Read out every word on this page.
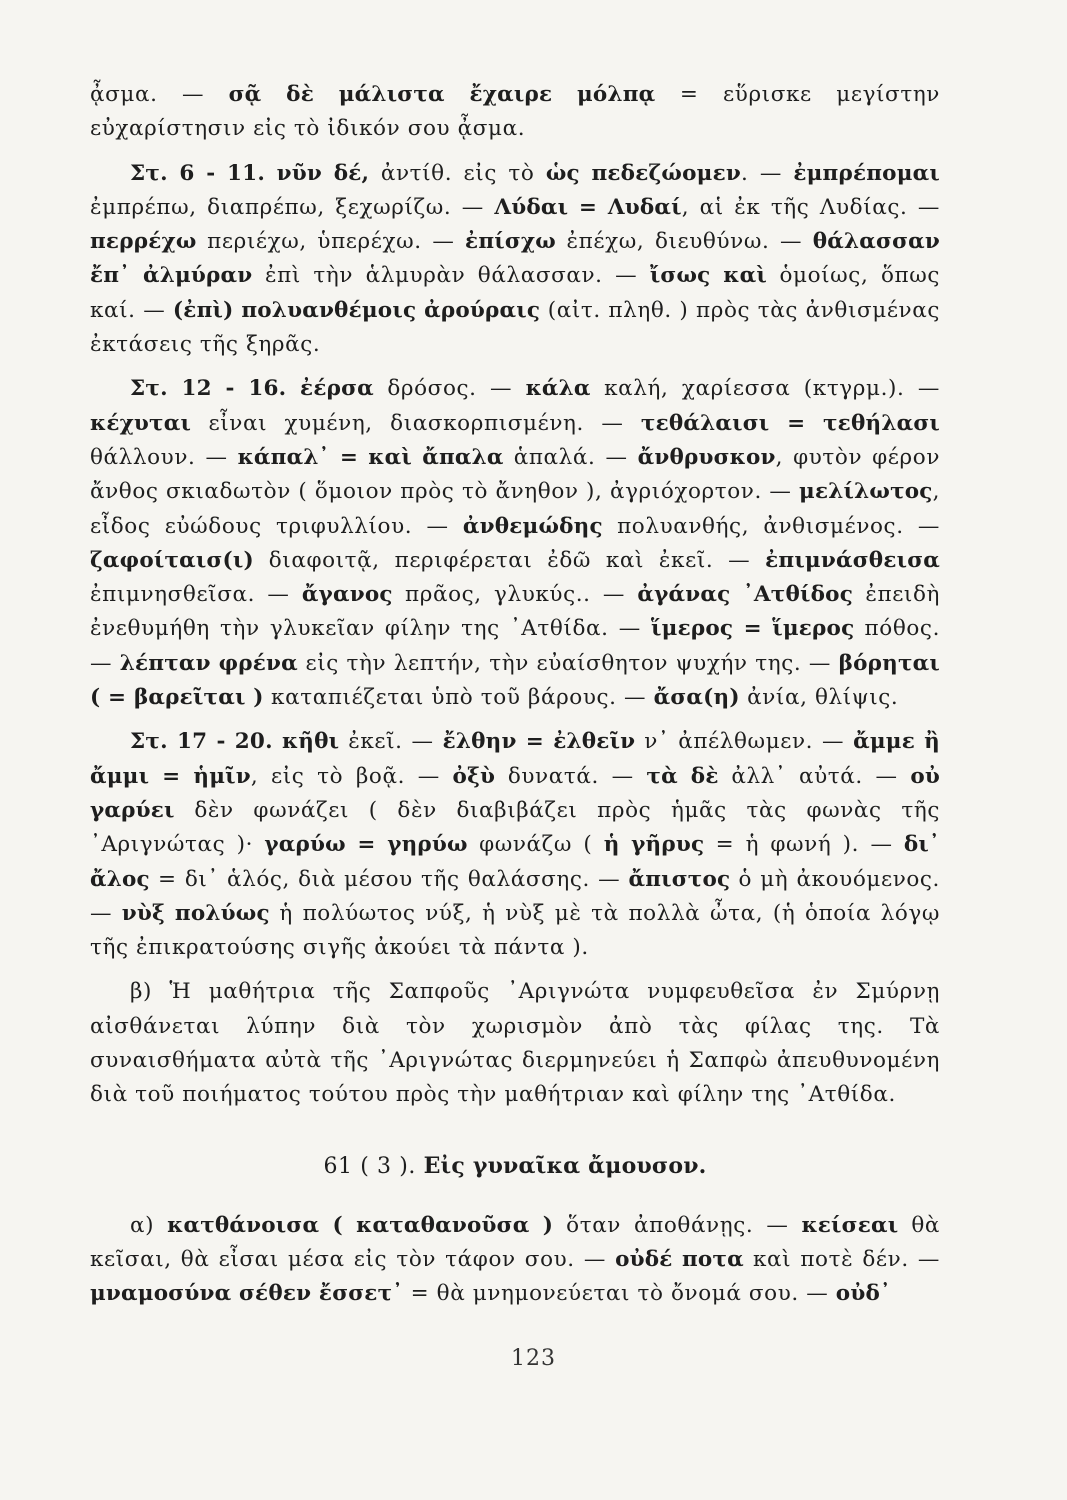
ᾆσμα. — σᾷ δὲ μάλιστα ἔχαιρε μόλπᾳ = εὕρισκε μεγίστην εὐχαρίστησιν εἰς τὸ ἰδικόν σου ᾆσμα.

Στ. 6 - 11. νῦν δέ, ἀντίθ. εἰς τὸ ὡς πεδεζώομεν. — ἐμπρέπομαι ἐμπρέπω, διαπρέπω, ξεχωρίζω. — Λύδαι = Λυδαί, αἱ ἐκ τῆς Λυδίας. — περρέχω περιέχω, ὑπερέχω. — ἐπίσχω ἐπέχω, διευθύνω. — θάλασσαν ἔπ᾽ ἀλμύραν ἐπὶ τὴν ἁλμυρὰν θάλασσαν. — ἴσως καὶ ὁμοίως, ὅπως καί. — (ἐπὶ) πολυανθέμοις ἀρούραις (αἰτ. πληθ. ) πρὸς τὰς ἀνθισμένας ἐκτάσεις τῆς ξηρᾶς.

Στ. 12 - 16. ἐέρσα δρόσος. — κάλα καλή, χαρίεσσα (κτγρμ.). — κέχυται εἶναι χυμένη, διασκορπισμένη. — τεθάλαισι = τεθήλασι θάλλουν. — κάπαλ᾽ = καὶ ἄπαλα ἁπαλά. — ἄνθρυσκον, φυτὸν φέρον ἄνθος σκιαδωτὸν ( ὅμοιον πρὸς τὸ ἄνηθον ), ἀγριόχορτον. — μελίλωτος, εἶδος εὐώδους τριφυλλίου. — ἀνθεμώδης πολυανθής, ἀνθισμένος. — ζαφοίταισ(ι) διαφοιτᾷ, περιφέρεται ἐδῶ καὶ ἐκεῖ. — ἐπιμνάσθεισα ἐπιμνησθεῖσα. — ἄγανος πρᾶος, γλυκύς.. — ἀγάνας ᾿Ατθίδος ἐπειδὴ ἐνεθυμήθη τὴν γλυκεῖαν φίλην της ᾿Ατθίδα. — ἵμερος = ἵμερος πόθος. — λέπταν φρένα εἰς τὴν λεπτήν, τὴν εὐαίσθητον ψυχήν της. — βόρηται ( = βαρεῖται ) καταπιέζεται ὑπὸ τοῦ βάρους. — ἄσα(η) ἀνία, θλίψις.

Στ. 17 - 20. κῆθι ἐκεῖ. — ἔλθην = ἐλθεῖν ν᾽ ἀπέλθωμεν. — ἄμμε ἢ ἄμμι = ἡμῖν, εἰς τὸ βοᾷ. — ὀξὺ δυνατά. — τὰ δὲ ἀλλ᾽ αὐτά. — οὐ γαρύει δὲν φωνάζει ( δὲν διαβιβάζει πρὸς ἡμᾶς τὰς φωνὰς τῆς ᾿Αριγνώτας )· γαρύω = γηρύω φωνάζω ( ἡ γῆρυς = ἡ φωνή ). — δι᾽ ἄλος = δι᾽ ἁλός, διὰ μέσου τῆς θαλάσσης. — ἄπιστος ὁ μὴ ἀκουόμενος. — νὺξ πολύως ἡ πολύωτος νύξ, ἡ νὺξ μὲ τὰ πολλὰ ὦτα, (ἡ ὁποία λόγῳ τῆς ἐπικρατούσης σιγῆς ἀκούει τὰ πάντα ).

β) Ἡ μαθήτρια τῆς Σαπφοῦς ᾿Αριγνώτα νυμφευθεῖσα ἐν Σμύρνῃ αἰσθάνεται λύπην διὰ τὸν χωρισμὸν ἀπὸ τὰς φίλας της. Τὰ συναισθήματα αὐτὰ τῆς ᾿Αριγνώτας διερμηνεύει ἡ Σαπφὼ ἀπευθυνομένη διὰ τοῦ ποιήματος τούτου πρὸς τὴν μαθήτριαν καὶ φίλην της ᾿Ατθίδα.

61 ( 3 ). Εἰς γυναῖκα ἄμουσον.

α) κατθάνοισα ( καταθανοῦσα ) ὅταν ἀποθάνῃς. — κείσεαι θὰ κεῖσαι, θὰ εἶσαι μέσα εἰς τὸν τάφον σου. — οὐδέ ποτα καὶ ποτὲ δέν. — μναμοσύνα σέθεν ἔσσετ᾽ = θὰ μνημονεύεται τὸ ὄνομά σου. — οὐδ᾽

123
